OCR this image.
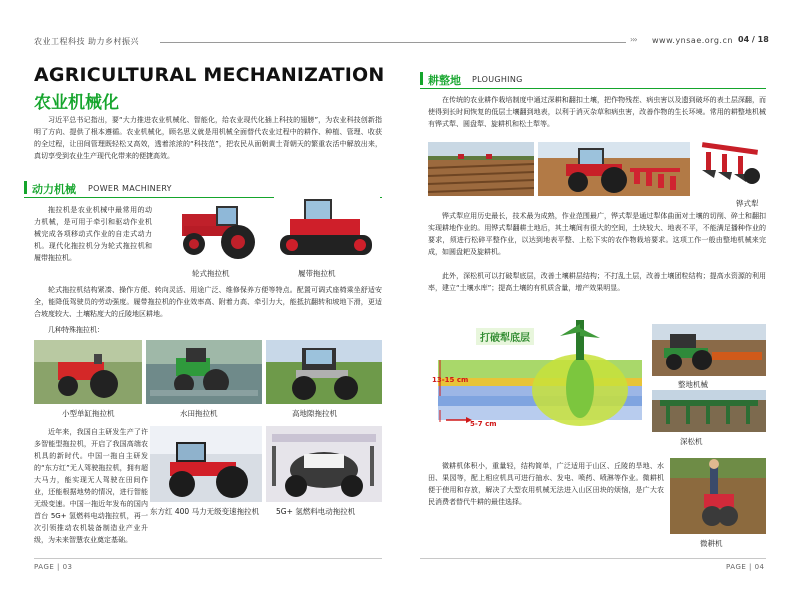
农业工程科技 助力乡村振兴	››› www.ynsae.org.cn 04 / 18
AGRICULTURAL MECHANIZATION
农业机械化
习近平总书记指出，要“大力推进农业机械化、智能化，给农业现代化插上科技的翅膀”，为农业科技创新指明了方向、提供了根本遵循。农业机械化，顾名思义就是用机械全面替代农业过程中的耕作、种植、管理、收获的全过程，让田间管理既轻松又高效，透着浓浓的“科技范”，把农民从面朝黄土背朝天的繁重农活中解放出来，真切享受到农业生产现代化带来的便捷高效。
动力机械 POWER MACHINERY
拖拉机是农业机械中最常用的动力机械，是可用于牵引和驱动作业机械完成各项移动式作业的自走式动力机。现代化拖拉机分为轮式拖拉机和履带拖拉机。
轮式拖拉机	履带拖拉机
轮式拖拉机结构紧凑、操作方便、转向灵活、用途广泛、维修保养方便等特点。配置可调式座椅乘坐舒适安全，能降低驾驶员的劳动强度。履带拖拉机的作业效率高、附着力高、牵引力大，能抵抗翻转和坡地下滑，更适合坡度较大、土壤粘度大的丘陵地区耕地。
几种特殊拖拉机：
小型单缸拖拉机	水田拖拉机	高地隙拖拉机
近年来，我国自主研发生产了许多智能型拖拉机，开启了我国高端农机具的新时代。中国一拖自主研发的“东方红”无人驾驶拖拉机，拥有超大马力，能实现无人驾驶在田间作业，还能根据地势的情况，进行智能无级变速。中国一拖近年发布的国内首台 5G+ 氢燃料电动拖拉机，再一次引领推动农机装备制造业产业升级，为未来智慧农业奠定基础。
东方红 400 马力无级变速拖拉机 5G+ 氢燃料电动拖拉机
PAGE | 03
耕整地 PLOUGHING
在传统的农业耕作栽培制度中通过深耕和翻扣土壤，把作物残茬、病虫害以及遗到破坏的表土层深翻，而使得到长时间恢复的低层土壤翻到地表，以利于消灭杂草和病虫害，改善作物的生长环境。常用的耕整地机械有铧式犁、圆盘犁、旋耕机和松土犁等。
铧式犁
铧式犁应用历史最长，技术最为成熟，作业范围最广，铧式犁是通过犁体曲面对土壤的切削、碎土和翻扣实现耕地作业的。用铧式犁翻耕土地后，其土壤间有很大的空间，土块较大、地表不平，不能满足播种作业的要求，须进行松碎平整作业，以达到地表平整、上松下实的农作物栽培要求。这项工作一般由整地机械来完成，如圆盘耙及旋耕机。
此外，深松机可以打破犁底层，改善土壤耕层结构；不打乱土层，改善土壤团粒结构；提高水资源的利用率，建立“土壤水库”；提高土壤的有机质含量，增产效果明显。
打破犁底层
13-15 cm
5-7 cm
整地机械
深松机
微耕机体积小，重量轻，结构简单，广泛适用于山区、丘陵的旱地、水田、果园等，配上相应机具可进行抽水、发电、喷药、喷淋等作业。微耕机便于使用和存放，解决了大型农用机械无法进入山区田块的烦恼，是广大农民消费者替代牛耕的最佳选择。
微耕机
PAGE | 04
